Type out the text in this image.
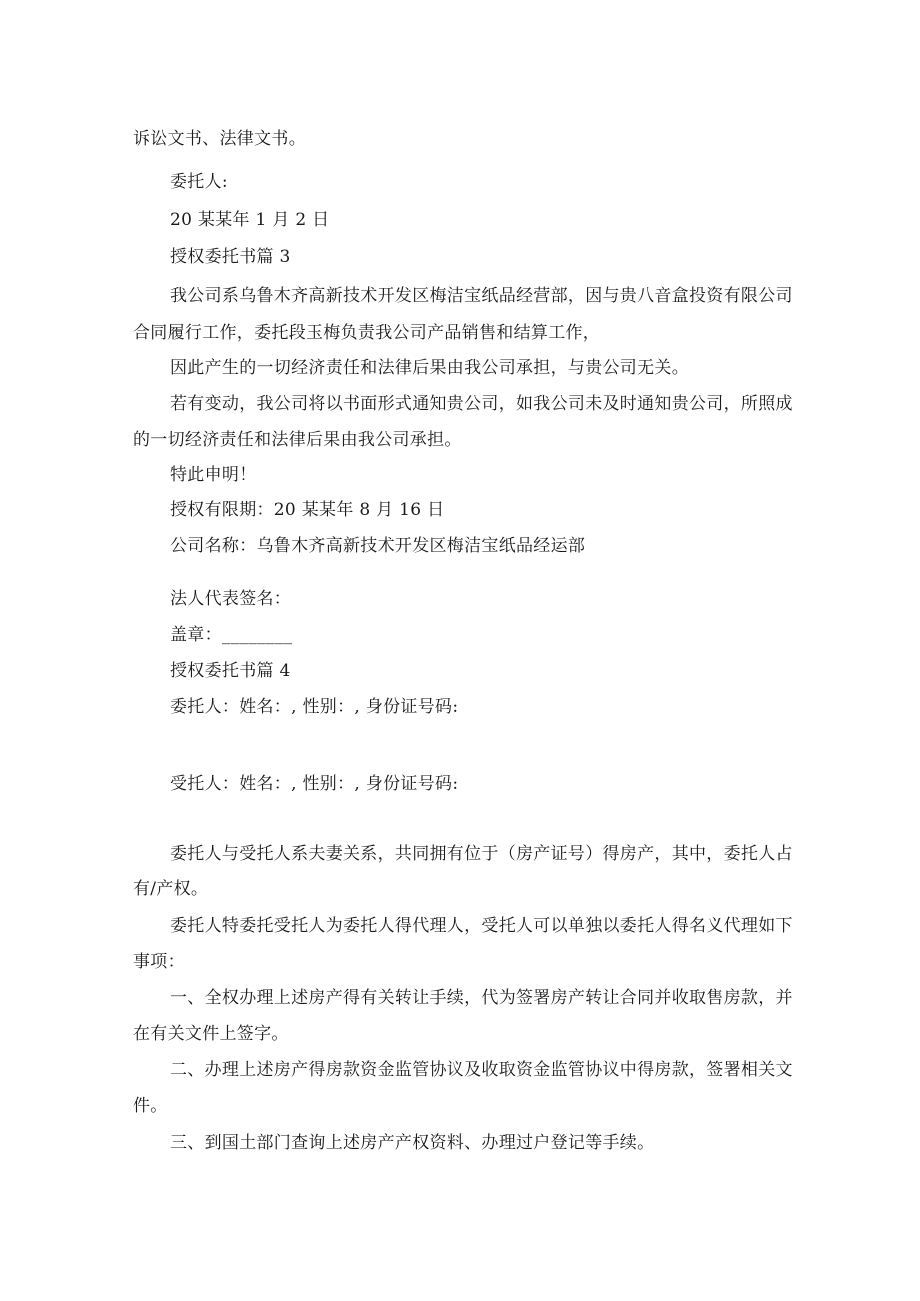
诉讼文书、法律文书。
委托人:
20 某某年 1 月 2 日
授权委托书篇 3
我公司系乌鲁木齐高新技术开发区梅洁宝纸品经营部，因与贵八音盒投资有限公司
合同履行工作，委托段玉梅负责我公司产品销售和结算工作，
因此产生的一切经济责任和法律后果由我公司承担，与贵公司无关。
若有变动，我公司将以书面形式通知贵公司，如我公司未及时通知贵公司，所照成
的一切经济责任和法律后果由我公司承担。
特此申明！
授权有限期：20 某某年 8 月 16 日
公司名称：乌鲁木齐高新技术开发区梅洁宝纸品经运部
法人代表签名：
盖章：________
授权委托书篇 4
委托人：姓名：, 性别：, 身份证号码:
受托人：姓名：, 性别：, 身份证号码:
委托人与受托人系夫妻关系，共同拥有位于（房产证号）得房产，其中，委托人占
有/产权。
委托人特委托受托人为委托人得代理人，受托人可以单独以委托人得名义代理如下
事项：
一、全权办理上述房产得有关转让手续，代为签署房产转让合同并收取售房款，并
在有关文件上签字。
二、办理上述房产得房款资金监管协议及收取资金监管协议中得房款，签署相关文
件。
三、到国土部门查询上述房产产权资料、办理过户登记等手续。
